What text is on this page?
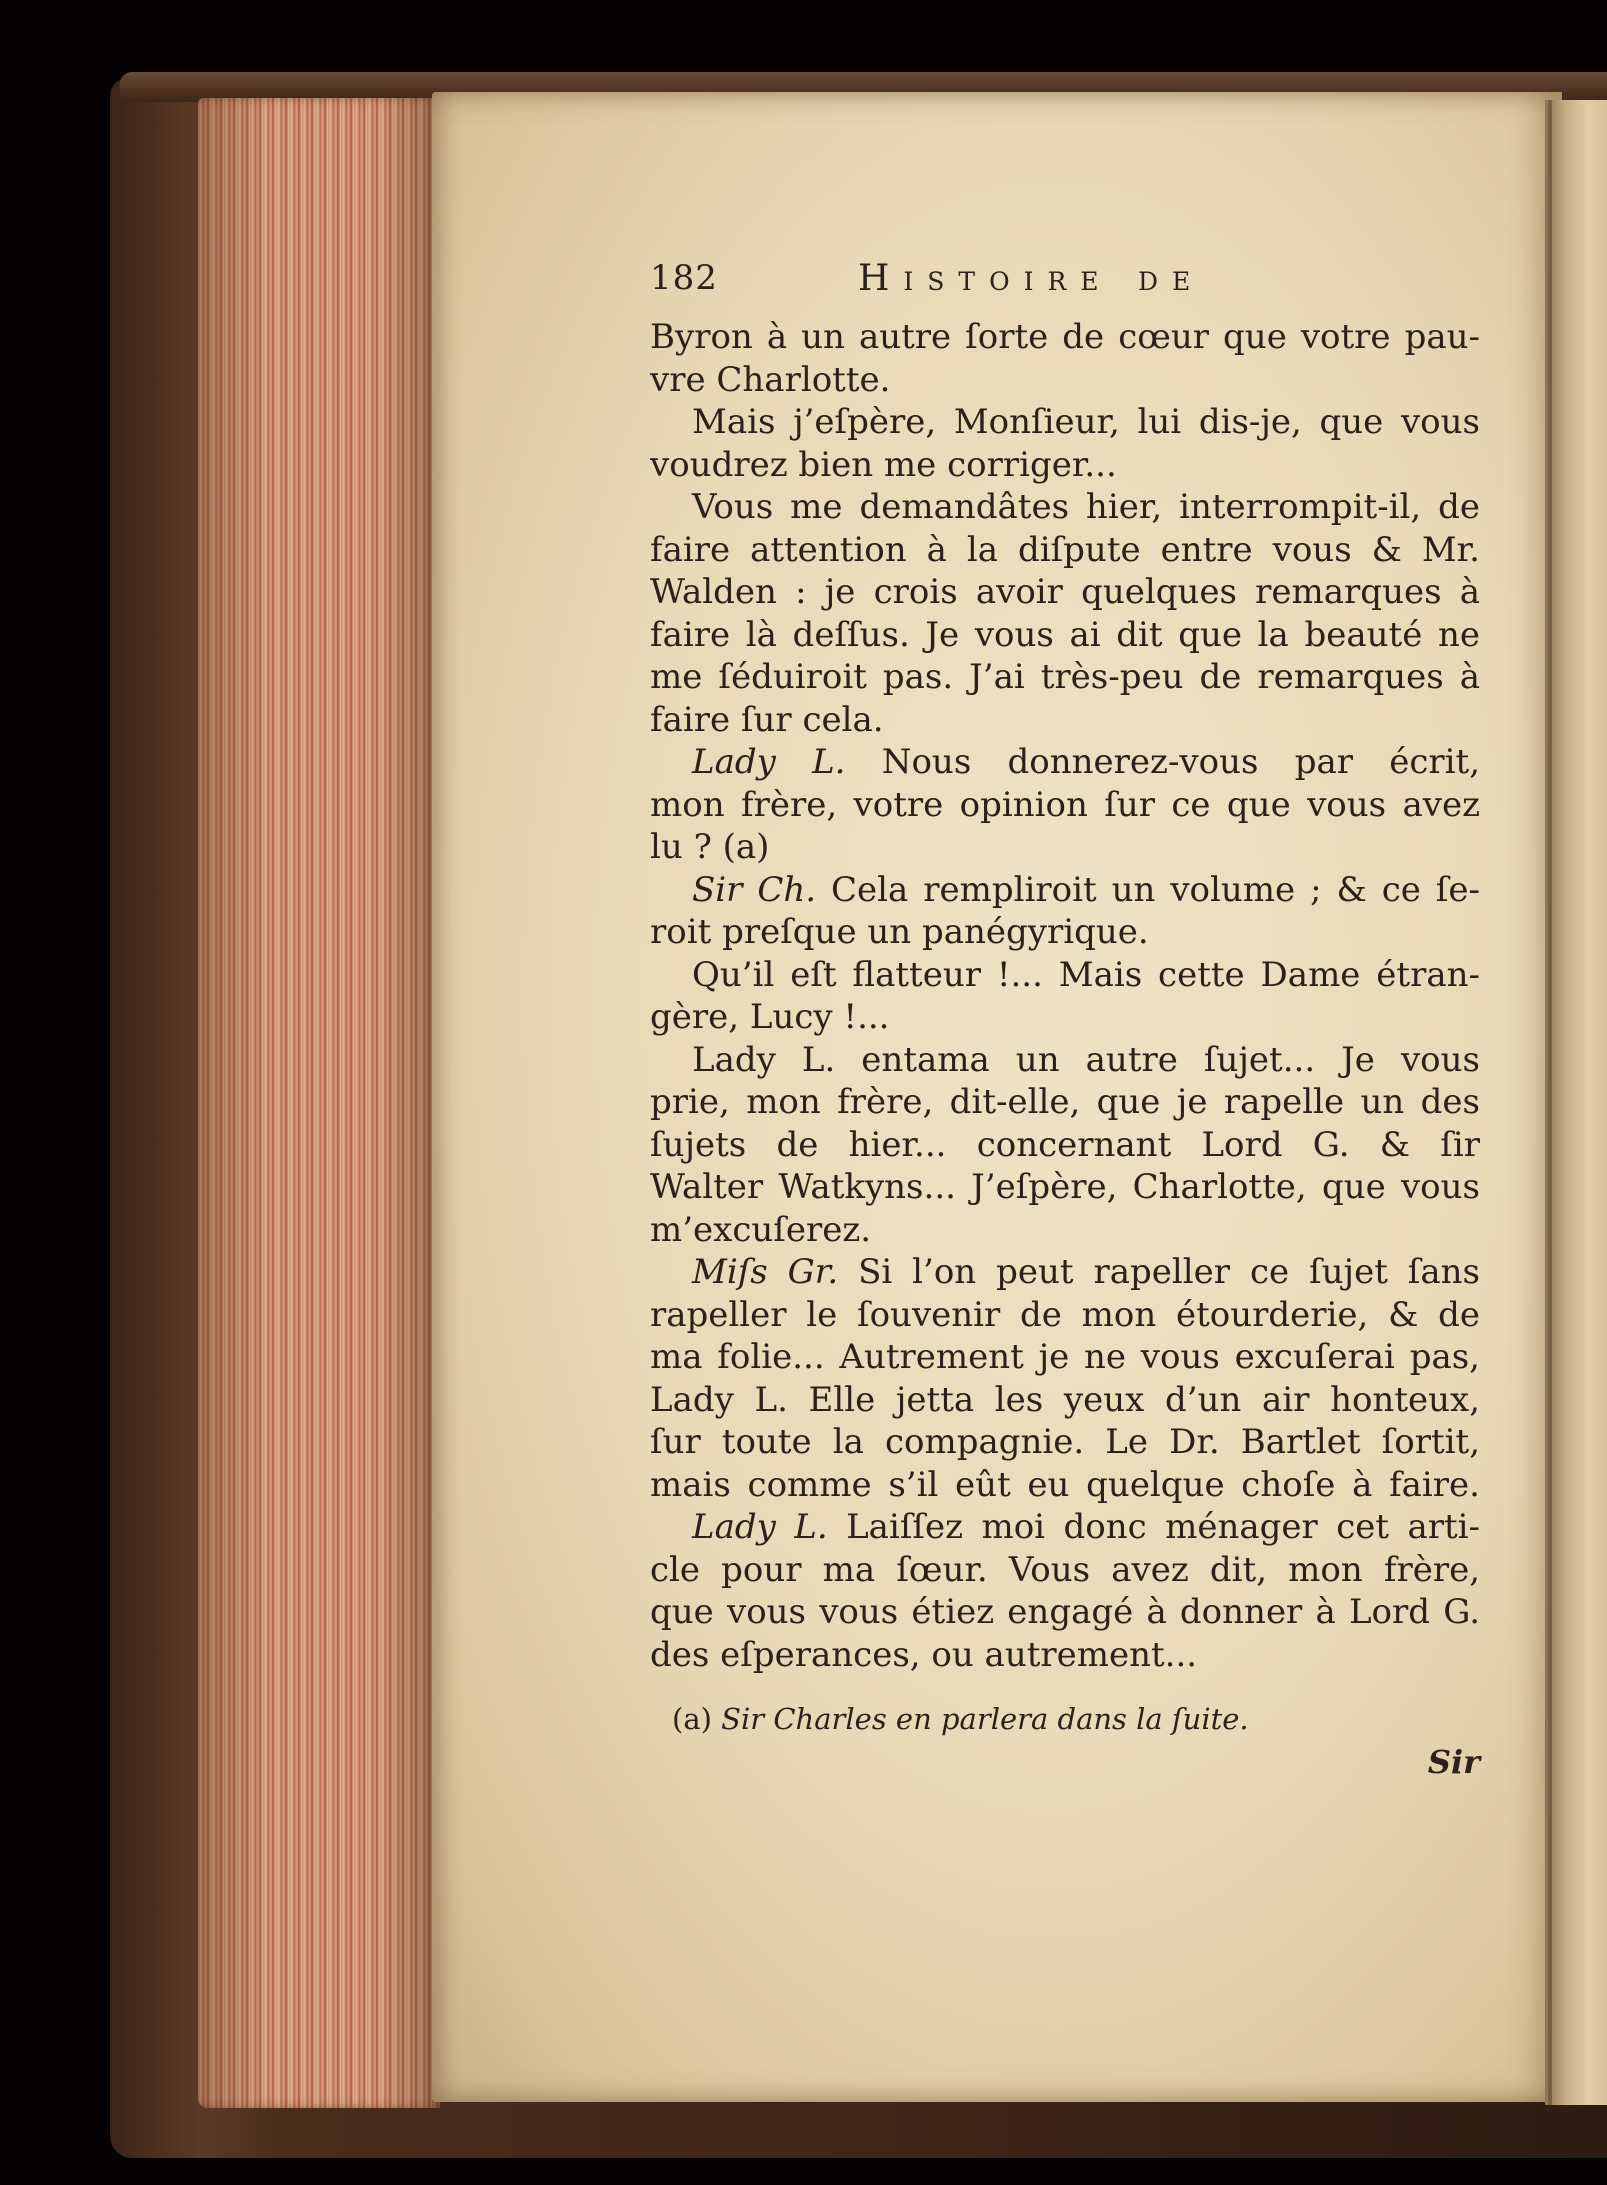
182	Histoire de
Byron à un autre ſorte de cœur que votre pau-
vre Charlotte.
Mais j’eſpère, Monſieur, lui dis-je, que vous
voudrez bien me corriger...
Vous me demandâtes hier, interrompit-il, de
faire attention à la diſpute entre vous & Mr.
Walden : je crois avoir quelques remarques à
faire là deſſus. Je vous ai dit que la beauté ne
me ſéduiroit pas. J’ai très-peu de remarques à
faire ſur cela.
Lady L. Nous donnerez-vous par écrit,
mon frère, votre opinion ſur ce que vous avez
lu ? (a)
Sir Ch. Cela rempliroit un volume ; & ce ſe-
roit preſque un panégyrique.
Qu’il eſt flatteur !... Mais cette Dame étran-
gère, Lucy !...
Lady L. entama un autre ſujet... Je vous
prie, mon frère, dit-elle, que je rapelle un des
ſujets de hier... concernant Lord G. & ſir
Walter Watkyns... J’eſpère, Charlotte, que vous
m’excuſerez.
Miſs Gr. Si l’on peut rapeller ce ſujet ſans
rapeller le ſouvenir de mon étourderie, & de
ma folie... Autrement je ne vous excuſerai pas,
Lady L. Elle jetta les yeux d’un air honteux,
ſur toute la compagnie. Le Dr. Bartlet ſortit,
mais comme s’il eût eu quelque choſe à faire.
Lady L. Laiſſez moi donc ménager cet arti-
cle pour ma ſœur. Vous avez dit, mon frère,
que vous vous étiez engagé à donner à Lord G.
des eſperances, ou autrement...
(a) Sir Charles en parlera dans la ſuite.
Sir
